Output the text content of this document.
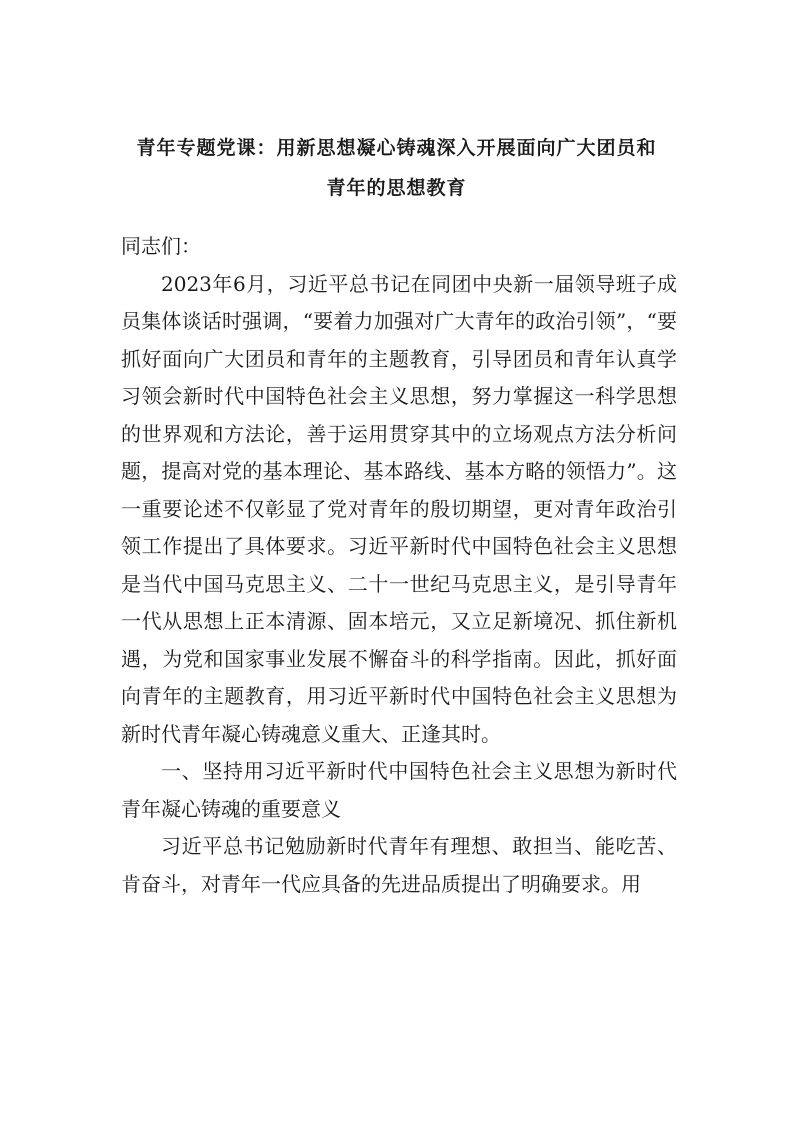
青年专题党课：用新思想凝心铸魂深入开展面向广大团员和
青年的思想教育

同志们：

2023年6月，习近平总书记在同团中央新一届领导班子成员集体谈话时强调，“要着力加强对广大青年的政治引领”，“要抓好面向广大团员和青年的主题教育，引导团员和青年认真学习领会新时代中国特色社会主义思想，努力掌握这一科学思想的世界观和方法论，善于运用贯穿其中的立场观点方法分析问题，提高对党的基本理论、基本路线、基本方略的领悟力”。这一重要论述不仅彰显了党对青年的殷切期望，更对青年政治引领工作提出了具体要求。习近平新时代中国特色社会主义思想是当代中国马克思主义、二十一世纪马克思主义，是引导青年一代从思想上正本清源、固本培元，又立足新境况、抓住新机遇，为党和国家事业发展不懈奋斗的科学指南。因此，抓好面向青年的主题教育，用习近平新时代中国特色社会主义思想为新时代青年凝心铸魂意义重大、正逢其时。

一、坚持用习近平新时代中国特色社会主义思想为新时代青年凝心铸魂的重要意义

习近平总书记勉励新时代青年有理想、敢担当、能吃苦、肯奋斗，对青年一代应具备的先进品质提出了明确要求。用
